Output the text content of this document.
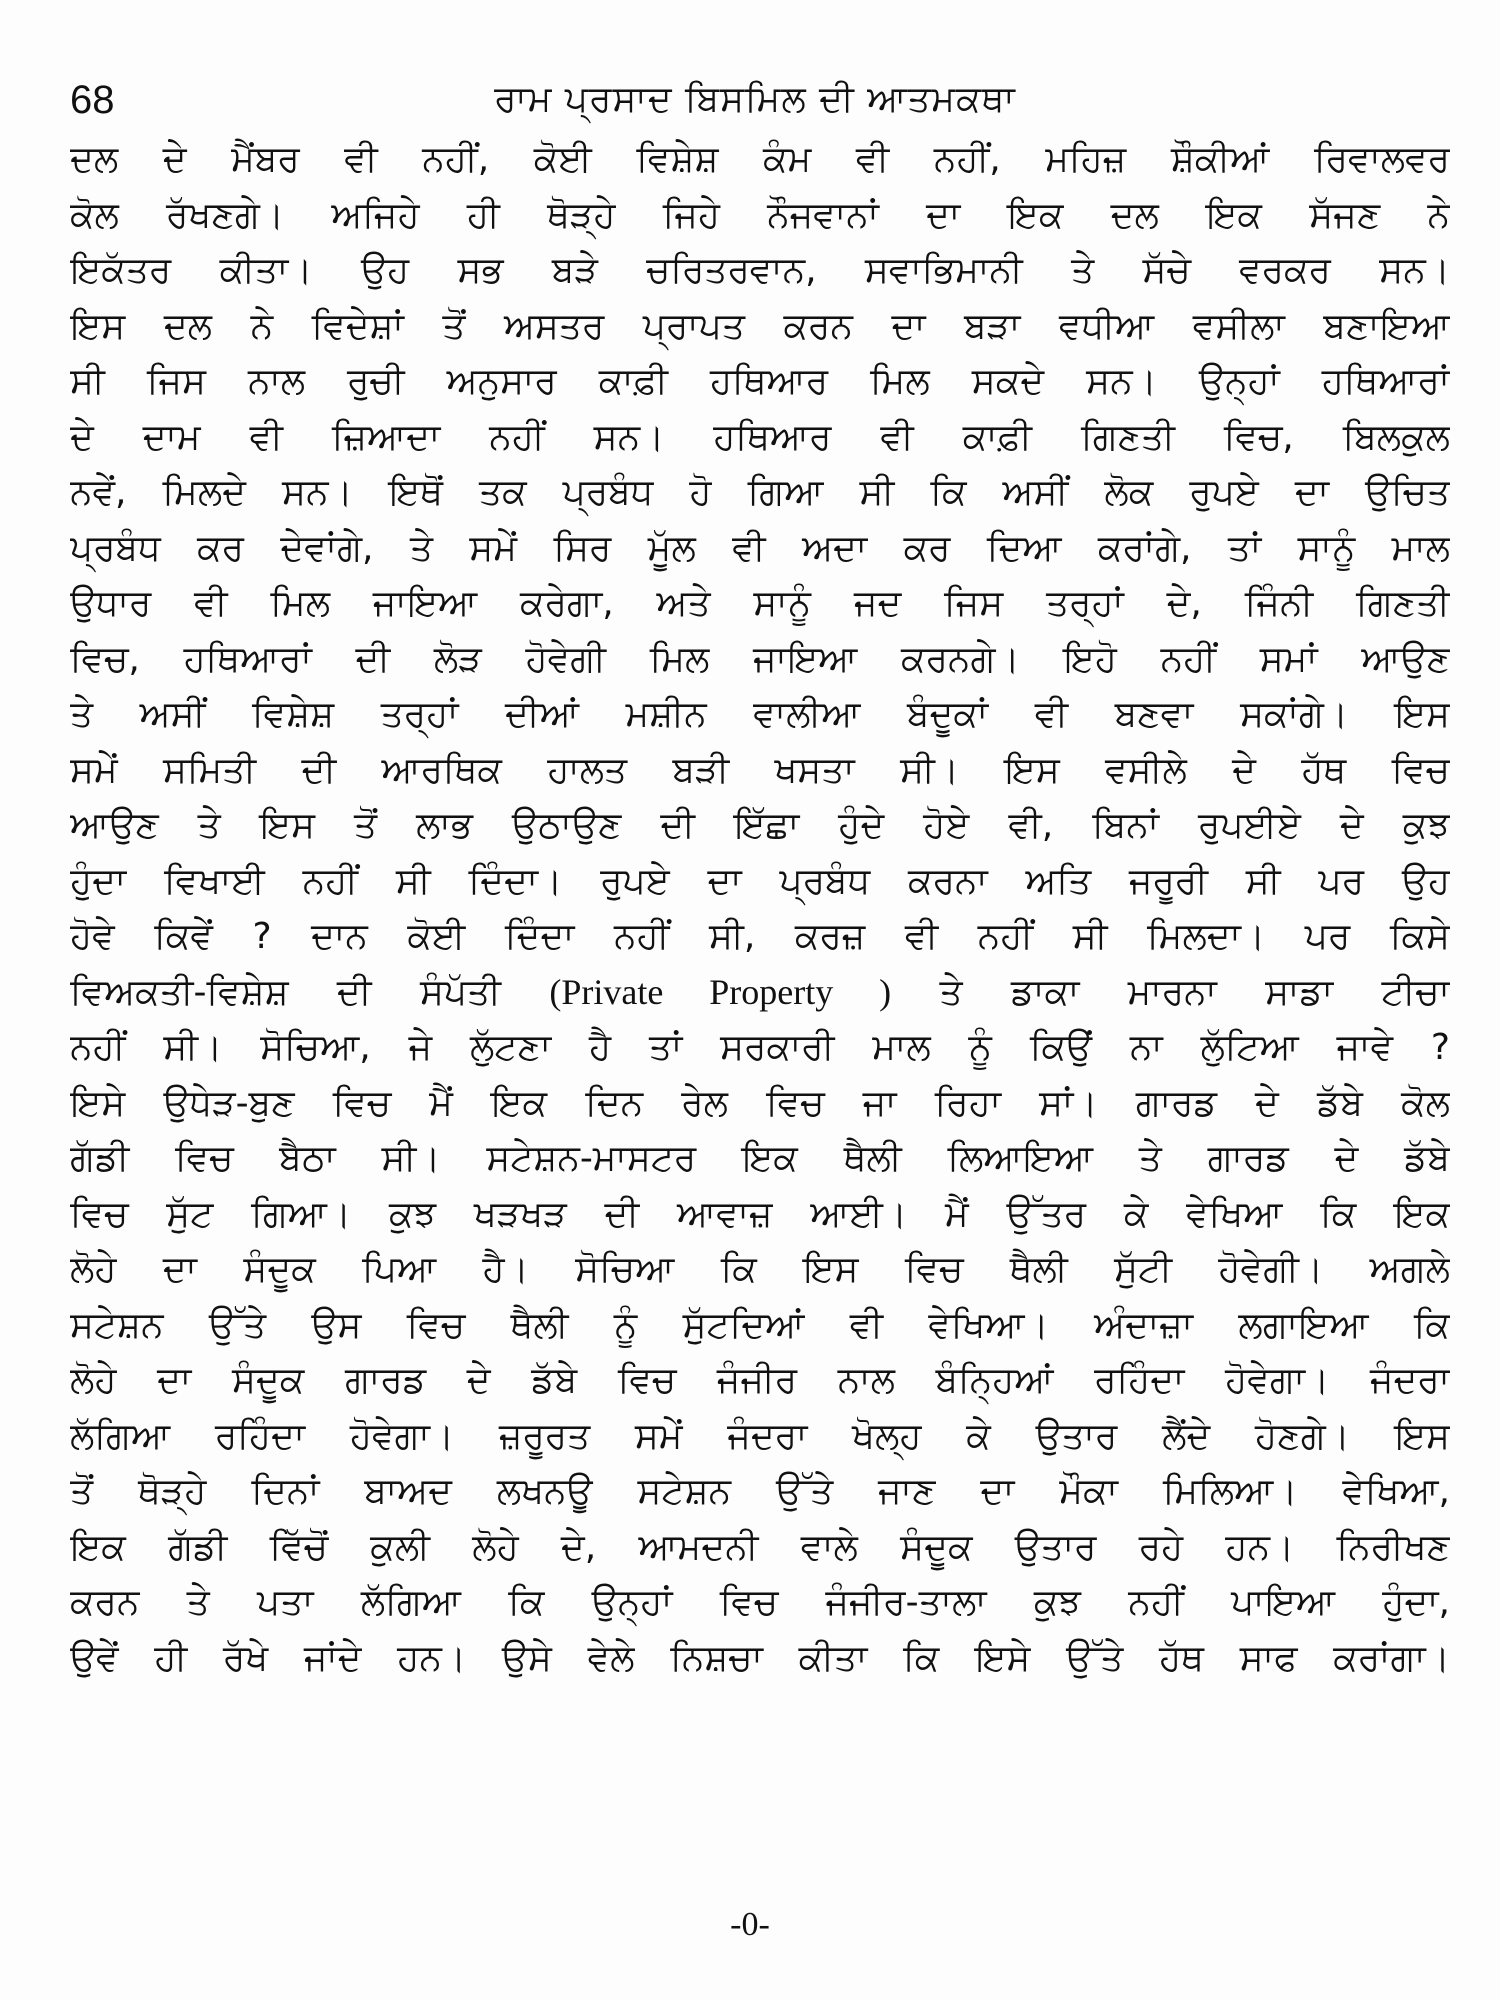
68	ਰਾਮ ਪ੍ਰਸਾਦ ਬਿਸਮਿਲ ਦੀ ਆਤਮਕਥਾ
ਦਲ ਦੇ ਮੈਂਬਰ ਵੀ ਨਹੀਂ, ਕੋਈ ਵਿਸ਼ੇਸ਼ ਕੰਮ ਵੀ ਨਹੀਂ, ਮਹਿਜ਼ ਸ਼ੌਕੀਆਂ ਰਿਵਾਲਵਰ
ਕੋਲ ਰੱਖਣਗੇ। ਅਜਿਹੇ ਹੀ ਥੋੜ੍ਹੇ ਜਿਹੇ ਨੌਜਵਾਨਾਂ ਦਾ ਇਕ ਦਲ ਇਕ ਸੱਜਣ ਨੇ
ਇਕੱਤਰ ਕੀਤਾ। ਉਹ ਸਭ ਬੜੇ ਚਰਿਤਰਵਾਨ, ਸਵਾਭਿਮਾਨੀ ਤੇ ਸੱਚੇ ਵਰਕਰ ਸਨ।
ਇਸ ਦਲ ਨੇ ਵਿਦੇਸ਼ਾਂ ਤੋਂ ਅਸਤਰ ਪ੍ਰਾਪਤ ਕਰਨ ਦਾ ਬੜਾ ਵਧੀਆ ਵਸੀਲਾ ਬਣਾਇਆ
ਸੀ ਜਿਸ ਨਾਲ ਰੁਚੀ ਅਨੁਸਾਰ ਕਾਫ਼ੀ ਹਥਿਆਰ ਮਿਲ ਸਕਦੇ ਸਨ। ਉਨ੍ਹਾਂ ਹਥਿਆਰਾਂ
ਦੇ ਦਾਮ ਵੀ ਜ਼ਿਆਦਾ ਨਹੀਂ ਸਨ। ਹਥਿਆਰ ਵੀ ਕਾਫ਼ੀ ਗਿਣਤੀ ਵਿਚ, ਬਿਲਕੁਲ
ਨਵੇਂ, ਮਿਲਦੇ ਸਨ। ਇਥੋਂ ਤਕ ਪ੍ਰਬੰਧ ਹੋ ਗਿਆ ਸੀ ਕਿ ਅਸੀਂ ਲੋਕ ਰੁਪਏ ਦਾ ਉਚਿਤ
ਪ੍ਰਬੰਧ ਕਰ ਦੇਵਾਂਗੇ, ਤੇ ਸਮੇਂ ਸਿਰ ਮੂੱਲ ਵੀ ਅਦਾ ਕਰ ਦਿਆ ਕਰਾਂਗੇ, ਤਾਂ ਸਾਨੂੰ ਮਾਲ
ਉਧਾਰ ਵੀ ਮਿਲ ਜਾਇਆ ਕਰੇਗਾ, ਅਤੇ ਸਾਨੂੰ ਜਦ ਜਿਸ ਤਰ੍ਹਾਂ ਦੇ, ਜਿੰਨੀ ਗਿਣਤੀ
ਵਿਚ, ਹਥਿਆਰਾਂ ਦੀ ਲੋੜ ਹੋਵੇਗੀ ਮਿਲ ਜਾਇਆ ਕਰਨਗੇ। ਇਹੋ ਨਹੀਂ ਸਮਾਂ ਆਉਣ
ਤੇ ਅਸੀਂ ਵਿਸ਼ੇਸ਼ ਤਰ੍ਹਾਂ ਦੀਆਂ ਮਸ਼ੀਨ ਵਾਲੀਆ ਬੰਦੂਕਾਂ ਵੀ ਬਣਵਾ ਸਕਾਂਗੇ। ਇਸ
ਸਮੇਂ ਸਮਿਤੀ ਦੀ ਆਰਥਿਕ ਹਾਲਤ ਬੜੀ ਖਸਤਾ ਸੀ। ਇਸ ਵਸੀਲੇ ਦੇ ਹੱਥ ਵਿਚ
ਆਉਣ ਤੇ ਇਸ ਤੋਂ ਲਾਭ ਉਠਾਉਣ ਦੀ ਇੱਛਾ ਹੁੰਦੇ ਹੋਏ ਵੀ, ਬਿਨਾਂ ਰੁਪਈਏ ਦੇ ਕੁਝ
ਹੁੰਦਾ ਵਿਖਾਈ ਨਹੀਂ ਸੀ ਦਿੰਦਾ। ਰੁਪਏ ਦਾ ਪ੍ਰਬੰਧ ਕਰਨਾ ਅਤਿ ਜਰੂਰੀ ਸੀ ਪਰ ਉਹ
ਹੋਵੇ ਕਿਵੇਂ ? ਦਾਨ ਕੋਈ ਦਿੰਦਾ ਨਹੀਂ ਸੀ, ਕਰਜ਼ ਵੀ ਨਹੀਂ ਸੀ ਮਿਲਦਾ। ਪਰ ਕਿਸੇ
ਵਿਅਕਤੀ-ਵਿਸ਼ੇਸ਼ ਦੀ ਸੰਪੱਤੀ (Private Property ) ਤੇ ਡਾਕਾ ਮਾਰਨਾ ਸਾਡਾ ਟੀਚਾ
ਨਹੀਂ ਸੀ। ਸੋਚਿਆ, ਜੇ ਲੁੱਟਣਾ ਹੈ ਤਾਂ ਸਰਕਾਰੀ ਮਾਲ ਨੂੰ ਕਿਉਂ ਨਾ ਲੁੱਟਿਆ ਜਾਵੇ ?
ਇਸੇ ਉਧੇੜ-ਬੁਣ ਵਿਚ ਮੈਂ ਇਕ ਦਿਨ ਰੇਲ ਵਿਚ ਜਾ ਰਿਹਾ ਸਾਂ। ਗਾਰਡ ਦੇ ਡੱਬੇ ਕੋਲ
ਗੱਡੀ ਵਿਚ ਬੈਠਾ ਸੀ। ਸਟੇਸ਼ਨ-ਮਾਸਟਰ ਇਕ ਥੈਲੀ ਲਿਆਇਆ ਤੇ ਗਾਰਡ ਦੇ ਡੱਬੇ
ਵਿਚ ਸੁੱਟ ਗਿਆ। ਕੁਝ ਖੜਖੜ ਦੀ ਆਵਾਜ਼ ਆਈ। ਮੈਂ ਉੱਤਰ ਕੇ ਵੇਖਿਆ ਕਿ ਇਕ
ਲੋਹੇ ਦਾ ਸੰਦੂਕ ਪਿਆ ਹੈ। ਸੋਚਿਆ ਕਿ ਇਸ ਵਿਚ ਥੈਲੀ ਸੁੱਟੀ ਹੋਵੇਗੀ। ਅਗਲੇ
ਸਟੇਸ਼ਨ ਉੱਤੇ ਉਸ ਵਿਚ ਥੈਲੀ ਨੂੰ ਸੁੱਟਦਿਆਂ ਵੀ ਵੇਖਿਆ। ਅੰਦਾਜ਼ਾ ਲਗਾਇਆ ਕਿ
ਲੋਹੇ ਦਾ ਸੰਦੂਕ ਗਾਰਡ ਦੇ ਡੱਬੇ ਵਿਚ ਜੰਜੀਰ ਨਾਲ ਬੰਨ੍ਹਿਆਂ ਰਹਿੰਦਾ ਹੋਵੇਗਾ। ਜੰਦਰਾ
ਲੱਗਿਆ ਰਹਿੰਦਾ ਹੋਵੇਗਾ। ਜ਼ਰੂਰਤ ਸਮੇਂ ਜੰਦਰਾ ਖੋਲ੍ਹ ਕੇ ਉਤਾਰ ਲੈਂਦੇ ਹੋਣਗੇ। ਇਸ
ਤੋਂ ਥੋੜ੍ਹੇ ਦਿਨਾਂ ਬਾਅਦ ਲਖਨਊ ਸਟੇਸ਼ਨ ਉੱਤੇ ਜਾਣ ਦਾ ਮੌਕਾ ਮਿਲਿਆ। ਵੇਖਿਆ,
ਇਕ ਗੱਡੀ ਵਿੱਚੋਂ ਕੁਲੀ ਲੋਹੇ ਦੇ, ਆਮਦਨੀ ਵਾਲੇ ਸੰਦੂਕ ਉਤਾਰ ਰਹੇ ਹਨ। ਨਿਰੀਖਣ
ਕਰਨ ਤੇ ਪਤਾ ਲੱਗਿਆ ਕਿ ਉਨ੍ਹਾਂ ਵਿਚ ਜੰਜੀਰ-ਤਾਲਾ ਕੁਝ ਨਹੀਂ ਪਾਇਆ ਹੁੰਦਾ,
ਉਵੇਂ ਹੀ ਰੱਖੇ ਜਾਂਦੇ ਹਨ। ਉਸੇ ਵੇਲੇ ਨਿਸ਼ਚਾ ਕੀਤਾ ਕਿ ਇਸੇ ਉੱਤੇ ਹੱਥ ਸਾਫ ਕਰਾਂਗਾ।
-0-
